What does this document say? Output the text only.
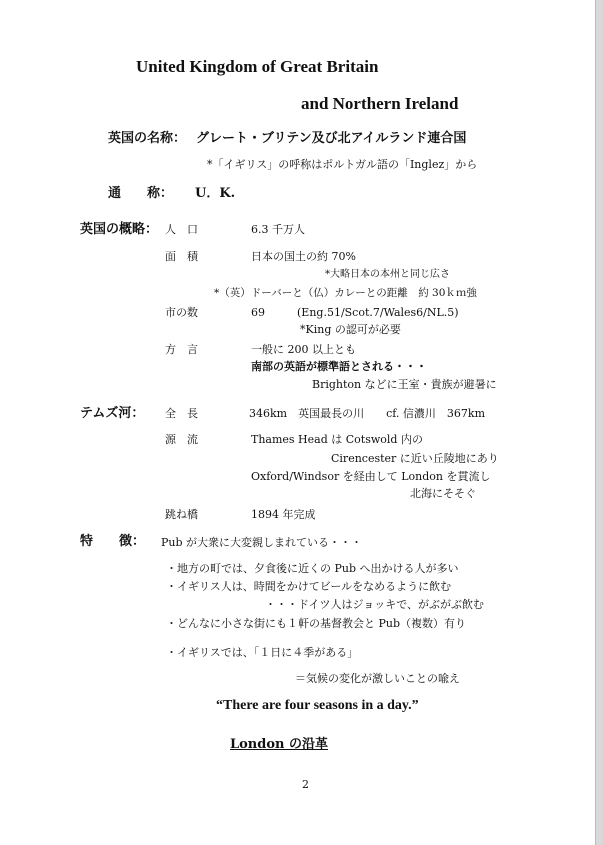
United Kingdom of Great Britain
and Northern Ireland
英国の名称： グレート・ブリテン及び北アイルランド連合国
*「イギリス」の呼称はポルトガル語の「Inglez」から
通　　称： U．K.
英国の概略： 人　口	6.3 千万人
面　積	日本の国土の約 70%
*大略日本の本州と同じ広さ
*（英）ドーバーと（仏）カレーとの距離　約 30ｋｍ強
市の数	69	(Eng.51/Scot.7/Wales6/NL.5)
*King の認可が必要
方　言	一般に 200 以上とも
南部の英語が標準語とされる・・・
Brighton などに王室・貴族が避暑に
テムズ河： 全　長	346km　英国最長の川　　cf. 信濃川　367km
源　流	Thames Head は Cotswold 内の
Cirencester に近い丘陵地にあり
Oxford/Windsor を経由して London を貫流し
北海にそそぐ
跳ね橋	1894 年完成
特　　徴： Pub が大衆に大変親しまれている・・・
・地方の町では、夕食後に近くの Pub へ出かける人が多い
・イギリス人は、時間をかけてビールをなめるように飲む
・・・ドイツ人はジョッキで、がぶがぶ飲む
・どんなに小さな街にも１軒の基督教会と Pub（複数）有り
・イギリスでは、「１日に４季がある」
＝気候の変化が激しいことの喩え
“There are four seasons in a day.”
London の沿革
2
